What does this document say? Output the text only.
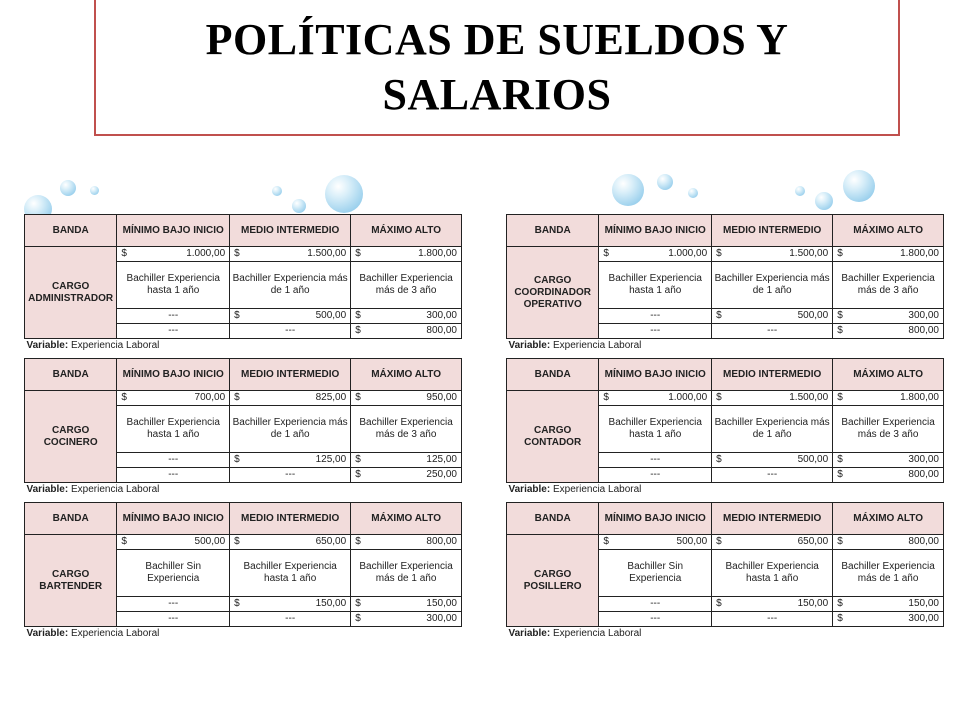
POLÍTICAS DE SUELDOS Y SALARIOS
BANDA	MÍNIMO BAJO INICIO	MEDIO INTERMEDIO	MÁXIMO ALTO
CARGO ADMINISTRADOR	$ 1.000,00	$ 1.500,00	$ 1.800,00

	Bachiller Experiencia hasta 1 año	Bachiller Experiencia más de 1 año	Bachiller Experiencia más de 3 año
	---	$ 500,00	$ 300,00

	---	---	$ 800,00

Variable: Experiencia Laboral			
BANDA	MÍNIMO BAJO INICIO	MEDIO INTERMEDIO	MÁXIMO ALTO
CARGO COORDINADOR OPERATIVO	$ 1.000,00	$ 1.500,00	$ 1.800,00

	Bachiller Experiencia hasta 1 año	Bachiller Experiencia más de 1 año	Bachiller Experiencia más de 3 año
	---	$ 500,00	$ 300,00

	---	---	$ 800,00

Variable: Experiencia Laboral			
BANDA	MÍNIMO BAJO INICIO	MEDIO INTERMEDIO	MÁXIMO ALTO
CARGO COCINERO	$ 700,00	$ 825,00	$ 950,00

	Bachiller Experiencia hasta 1 año	Bachiller Experiencia más de 1 año	Bachiller Experiencia más de 3 año
	---	$ 125,00	$ 125,00

	---	---	$ 250,00

Variable: Experiencia Laboral			
BANDA	MÍNIMO BAJO INICIO	MEDIO INTERMEDIO	MÁXIMO ALTO
CARGO CONTADOR	$ 1.000,00	$ 1.500,00	$ 1.800,00

	Bachiller Experiencia hasta 1 año	Bachiller Experiencia más de 1 año	Bachiller Experiencia más de 3 año
	---	$ 500,00	$ 300,00

	---	---	$ 800,00

Variable: Experiencia Laboral			
BANDA	MÍNIMO BAJO INICIO	MEDIO INTERMEDIO	MÁXIMO ALTO
CARGO BARTENDER	$ 500,00	$ 650,00	$ 800,00

	Bachiller Sin Experiencia	Bachiller Experiencia hasta 1 año	Bachiller Experiencia más de 1 año
	---	$ 150,00	$ 150,00

	---	---	$ 300,00

Variable: Experiencia Laboral			
BANDA	MÍNIMO BAJO INICIO	MEDIO INTERMEDIO	MÁXIMO ALTO
CARGO POSILLERO	$ 500,00	$ 650,00	$ 800,00

	Bachiller Sin Experiencia	Bachiller Experiencia hasta 1 año	Bachiller Experiencia más de 1 año
	---	$ 150,00	$ 150,00

	---	---	$ 300,00

Variable: Experiencia Laboral			
